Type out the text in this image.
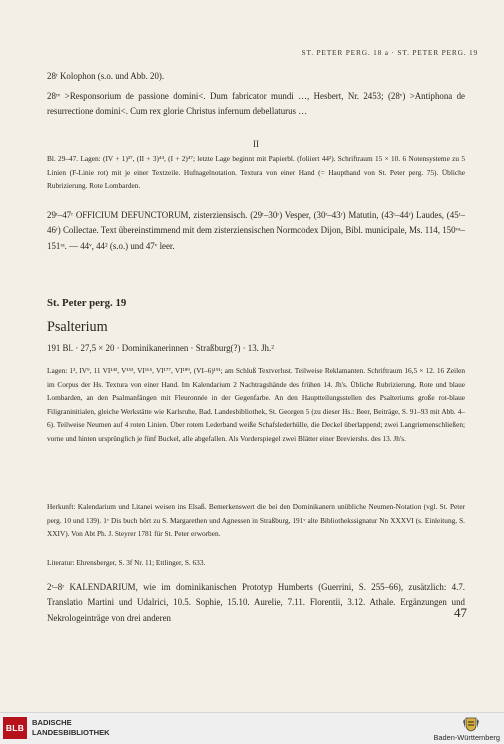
ST. PETER PERG. 18 a · ST. PETER PERG. 19

28ʳ Kolophon (s.o. und Abb. 20).

28ʳᵛ >Responsorium de passione domini<. Dum fabricator mundi …, Hesbert, Nr. 2453; (28ᵛ) >Antiphona de resurrectione domini<. Cum rex glorie Christus infernum debellaturus …

II

Bl. 29–47. Lagen: (IV + 1)³⁷, (II + 3)⁴⁴, (I + 2)⁴⁷; letzte Lage beginnt mit Papierbl. (foliiert 44²). Schriftraum 15 × 10. 6 Notensysteme zu 5 Linien (F-Linie rot) mit je einer Textzeile. Hufnagelnotation. Textura von einer Hand (= Haupthand von St. Peter perg. 75). Übliche Rubrizierung. Rote Lombarden.

29ʳ–47ʳ OFFICIUM DEFUNCTORUM, zisterziensisch. (29ʳ–30ʳ) Vesper, (30ʳ–43ʳ) Matutin, (43ʳ–44ʳ) Laudes, (45ʳ–46ʳ) Collectae. Text übereinstimmend mit dem zisterziensischen Normcodex Dijon, Bibl. municipale, Ms. 114, 150ᵛᵃ–151ʳᵃ. — 44ᵛ, 44² (s.o.) und 47ᵛ leer.

St. Peter perg. 19
Psalterium

191 Bl. · 27,5 × 20 · Dominikanerinnen · Straßburg(?) · 13. Jh.²

Lagen: 1³, IV⁹, 11 VI¹⁴³, V¹⁵³, VI¹⁶⁵, VI¹⁷⁷, VI¹⁸⁹, (VI–6)¹⁹¹; am Schluß Textverlust. Teilweise Reklamanten. Schriftraum 16,5 × 12. 16 Zeilen im Corpus der Hs. Textura von einer Hand. Im Kalendarium 2 Nachtragshände des frühen 14. Jh's. Übliche Rubrizierung. Rote und blaue Lombarden, an den Psalmanfängen mit Fleuronnée in der Gegenfarbe. An den Hauptteilungsstellen des Psalteriums große rot-blaue Filigraninitialen, gleiche Werkstätte wie Karlsruhe, Bad. Landesbibliothek, St. Georgen 5 (zu dieser Hs.: Beer, Beiträge, S. 91–93 mit Abb. 4–6). Teilweise Neumen auf 4 roten Linien. Über rotem Lederband weiße Schafslederhülle, die Deckel überlappend; zwei Langriemenschließen; vorne und hinten ursprünglich je fünf Buckel, alle abgefallen. Als Vorderspiegel zwei Blätter einer Breviershs. des 13. Jh's.

Herkunft: Kalendarium und Litanei weisen ins Elsaß. Bemerkenswert die bei den Dominikanern unübliche Neumen-Notation (vgl. St. Peter perg. 10 und 139). 1ᵛ Dis buch hört zu S. Margarethen und Agnessen in Straßburg, 191ᵛ alte Bibliothekssignatur Nn XXXVI (s. Einleitung, S. XXIV). Von Abt Ph. J. Steyrer 1781 für St. Peter erworben.

Literatur: Ehrensberger, S. 3f Nr. 11; Ettlinger, S. 633.

2ʳ–8ʳ KALENDARIUM, wie im dominikanischen Prototyp Humberts (Guerrini, S. 255–66), zusätzlich: 4.7. Translatio Martini und Udalrici, 10.5. Sophie, 15.10. Aurelie, 7.11. Florentii, 3.12. Athale. Ergänzungen und Nekrologeinträge von drei anderen	47
BLB
BADISCHE
LANDESBIBLIOTHEK
Baden-Württemberg
